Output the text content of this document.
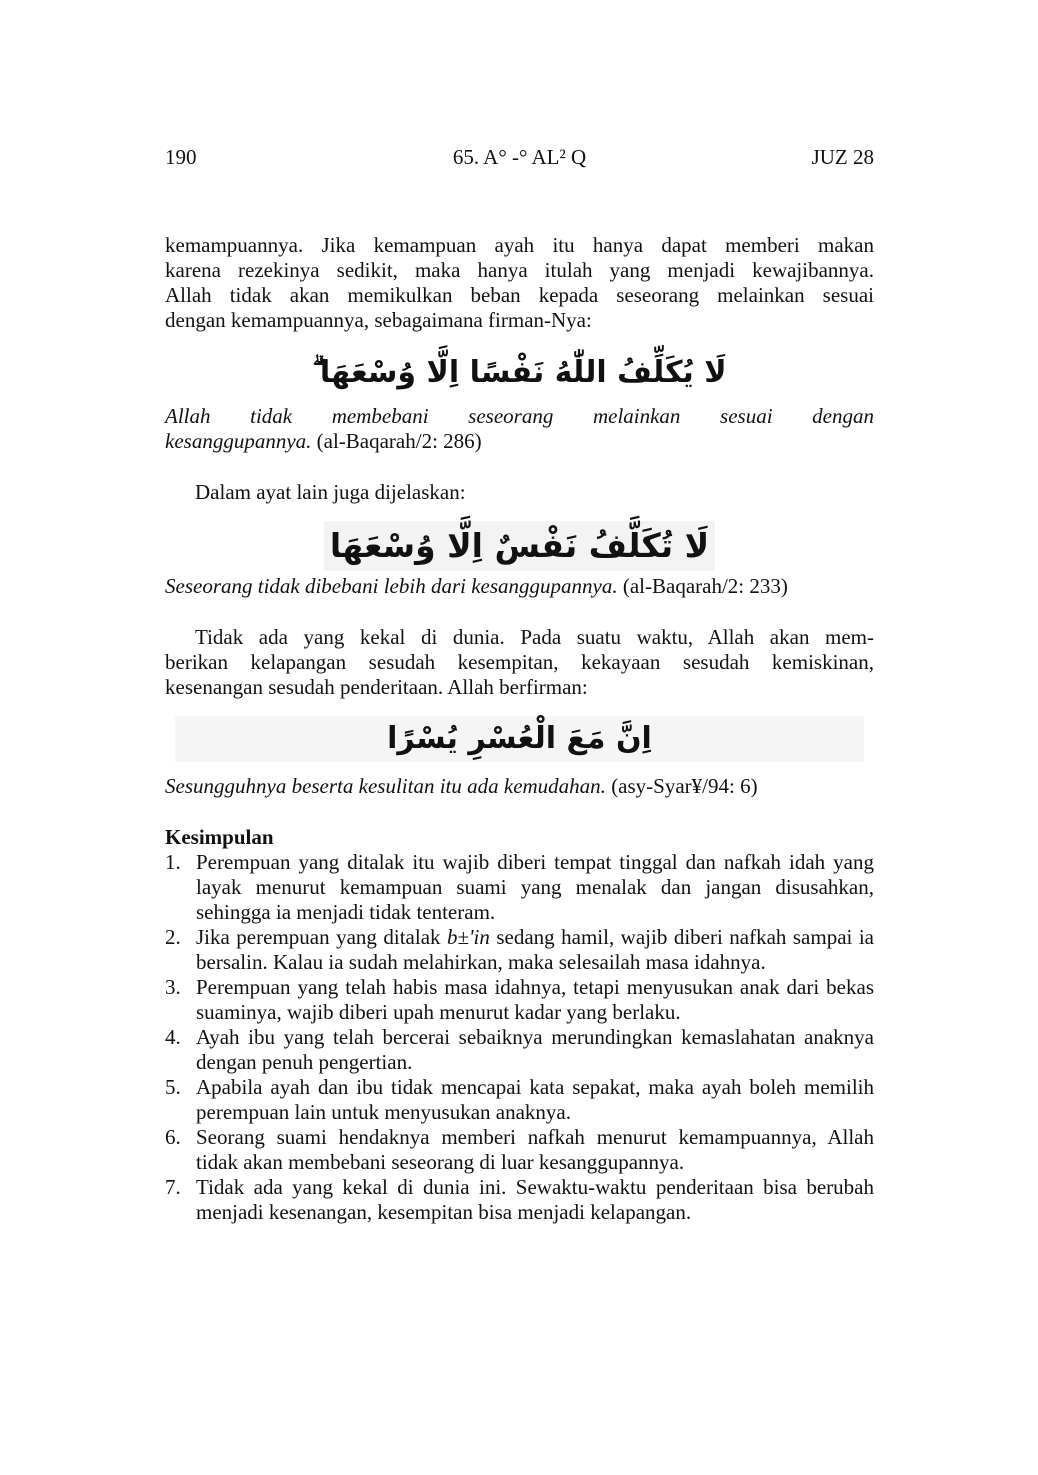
190	65. A° -° AL² Q	JUZ 28

kemampuannya. Jika kemampuan ayah itu hanya dapat memberi makan
karena rezekinya sedikit, maka hanya itulah yang menjadi kewajibannya.
Allah tidak akan memikulkan beban kepada seseorang melainkan sesuai
dengan kemampuannya, sebagaimana firman-Nya:

لَا يُكَلِّفُ اللّٰهُ نَفْسًا اِلَّا وُسْعَهَا ۗ

Allah tidak membebani seseorang melainkan sesuai dengan
kesanggupannya. (al-Baqarah/2: 286)

Dalam ayat lain juga dijelaskan:

لَا تُكَلَّفُ نَفْسٌ اِلَّا وُسْعَهَا

Seseorang tidak dibebani lebih dari kesanggupannya. (al-Baqarah/2: 233)

Tidak ada yang kekal di dunia. Pada suatu waktu, Allah akan mem-
berikan kelapangan sesudah kesempitan, kekayaan sesudah kemiskinan,
kesenangan sesudah penderitaan. Allah berfirman:

اِنَّ مَعَ الْعُسْرِ يُسْرًا

Sesungguhnya beserta kesulitan itu ada kemudahan. (asy-Syar¥/94: 6)

Kesimpulan
1. Perempuan yang ditalak itu wajib diberi tempat tinggal dan nafkah idah yang layak menurut kemampuan suami yang menalak dan jangan disusahkan, sehingga ia menjadi tidak tenteram.
2. Jika perempuan yang ditalak b±'in sedang hamil, wajib diberi nafkah sampai ia bersalin. Kalau ia sudah melahirkan, maka selesailah masa idahnya.
3. Perempuan yang telah habis masa idahnya, tetapi menyusukan anak dari bekas suaminya, wajib diberi upah menurut kadar yang berlaku.
4. Ayah ibu yang telah bercerai sebaiknya merundingkan kemaslahatan anaknya dengan penuh pengertian.
5. Apabila ayah dan ibu tidak mencapai kata sepakat, maka ayah boleh memilih perempuan lain untuk menyusukan anaknya.
6. Seorang suami hendaknya memberi nafkah menurut kemampuannya, Allah tidak akan membebani seseorang di luar kesanggupannya.
7. Tidak ada yang kekal di dunia ini. Sewaktu-waktu penderitaan bisa berubah menjadi kesenangan, kesempitan bisa menjadi kelapangan.
